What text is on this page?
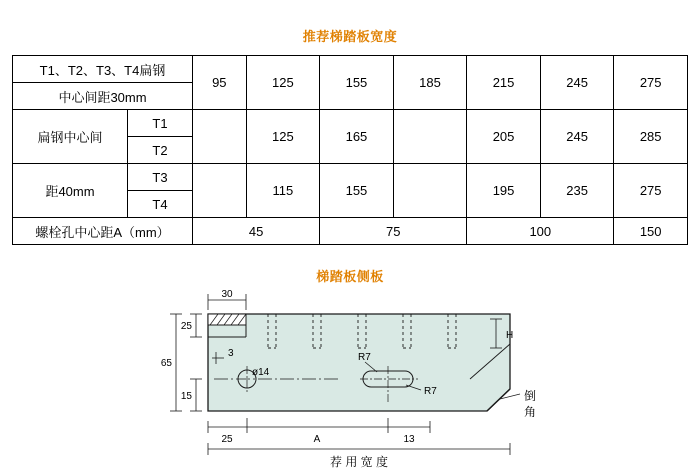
推荐梯踏板宽度
T1、T2、T3、T4扁钢		95	125	155	185	215	245	275
中心间距30mm								
扁钢中心间	T1		125	165		205	245	285
	T2							
距40mm	T3		115	155		195	235	275
	T4							
螺栓孔中心距A（mm）		45		75		100		150
梯踏板侧板
30
25
65
15
3
H
ø14
R7
R7
25	A	13
倒
角
荐 用 宽 度
